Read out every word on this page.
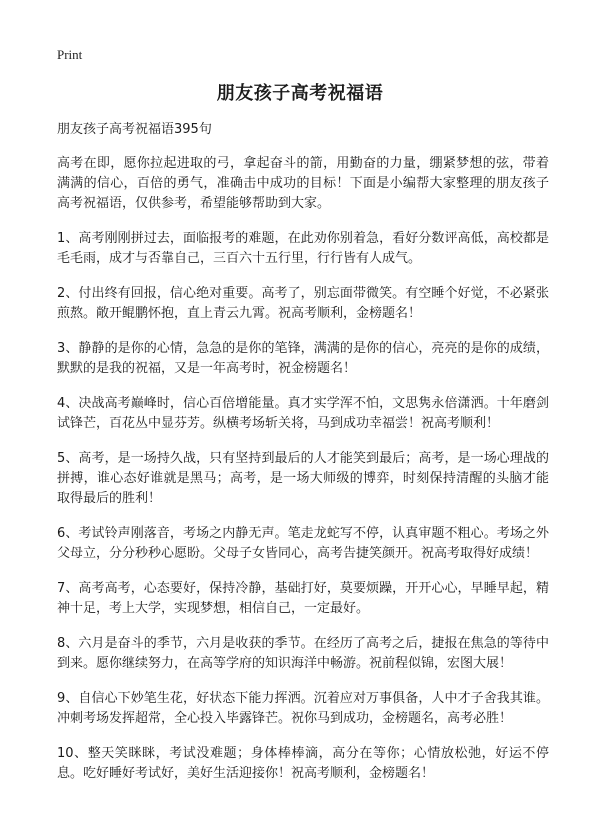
Print
朋友孩子高考祝福语

朋友孩子高考祝福语395句

高考在即，愿你拉起进取的弓，拿起奋斗的箭，用勤奋的力量，绷紧梦想的弦，带着满满的信心，百倍的勇气，准确击中成功的目标！下面是小编帮大家整理的朋友孩子高考祝福语，仅供参考，希望能够帮助到大家。

1、高考刚刚拼过去，面临报考的难题，在此劝你别着急，看好分数评高低，高校都是毛毛雨，成才与否靠自己，三百六十五行里，行行皆有人成气。

2、付出终有回报，信心绝对重要。高考了，别忘面带微笑。有空睡个好觉，不必紧张煎熬。敞开鲲鹏怀抱，直上青云九霄。祝高考顺利，金榜题名！

3、静静的是你的心情，急急的是你的笔锋，满满的是你的信心，亮亮的是你的成绩，默默的是我的祝福，又是一年高考时，祝金榜题名！

4、决战高考巅峰时，信心百倍增能量。真才实学浑不怕，文思隽永倍潇洒。十年磨剑试锋芒，百花丛中显芬芳。纵横考场斩关将，马到成功幸福尝！祝高考顺利！

5、高考，是一场持久战，只有坚持到最后的人才能笑到最后；高考，是一场心理战的拼搏，谁心态好谁就是黑马；高考，是一场大师级的博弈，时刻保持清醒的头脑才能取得最后的胜利！

6、考试铃声刚落音，考场之内静无声。笔走龙蛇写不停，认真审题不粗心。考场之外父母立，分分秒秒心愿盼。父母子女皆同心，高考告捷笑颜开。祝高考取得好成绩！

7、高考高考，心态要好，保持冷静，基础打好，莫要烦躁，开开心心，早睡早起，精神十足，考上大学，实现梦想，相信自己，一定最好。

8、六月是奋斗的季节，六月是收获的季节。在经历了高考之后，捷报在焦急的等待中到来。愿你继续努力，在高等学府的知识海洋中畅游。祝前程似锦，宏图大展！

9、自信心下妙笔生花，好状态下能力挥洒。沉着应对万事俱备，人中才子舍我其谁。冲刺考场发挥超常，全心投入毕露锋芒。祝你马到成功，金榜题名，高考必胜！

10、整天笑眯眯，考试没难题；身体棒棒滴，高分在等你；心情放松弛，好运不停息。吃好睡好考试好，美好生活迎接你！祝高考顺利，金榜题名！
